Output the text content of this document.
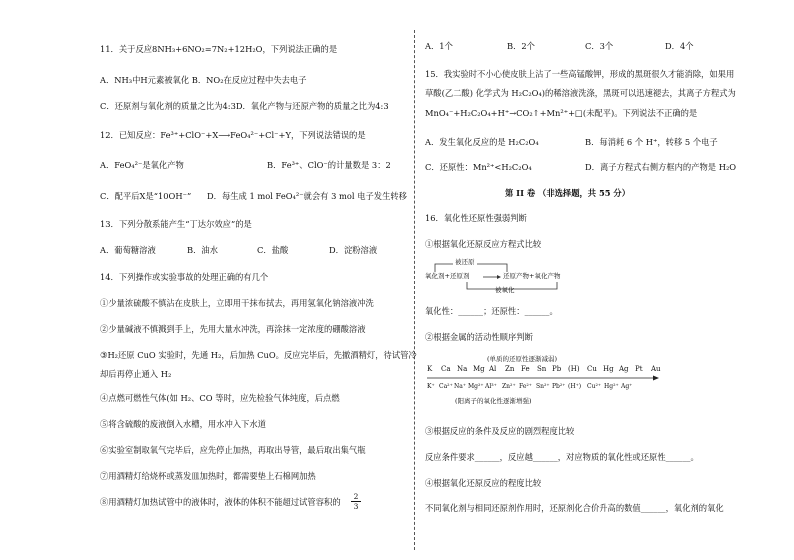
11．关于反应8NH₃+6NO₂=7N₂+12H₂O，下列说法正确的是
A．NH₃中H元素被氧化 B．NO₂在反应过程中失去电子
C．还原剂与氧化剂的质量之比为4:3D．氧化产物与还原产物的质量之比为4:3
12．已知反应：Fe³⁺+ClO⁻+X⟶FeO₄²⁻+Cl⁻+Y，下列说法错误的是
A．FeO₄²⁻是氧化产物	B．Fe³⁺、ClO⁻的计量数是 3：2
C．配平后X是“10OH⁻” D．每生成 1 mol FeO₄²⁻就会有 3 mol 电子发生转移
13．下列分散系能产生“丁达尔效应”的是
A．葡萄糖溶液	B．油水	C．盐酸	D．淀粉溶液
14．下列操作或实验事故的处理正确的有几个
①少量浓硫酸不慎沾在皮肤上，立即用干抹布拭去，再用氢氧化钠溶液冲洗
②少量碱液不慎溅到手上，先用大量水冲洗，再涂抹一定浓度的硼酸溶液
③H₂还原 CuO 实验时，先通 H₂，后加热 CuO。反应完毕后，先撤酒精灯，待试管冷
却后再停止通入 H₂
④点燃可燃性气体(如 H₂、CO 等时，应先检验气体纯度，后点燃
⑤将含硫酸的废液倒入水槽，用水冲入下水道
⑥实验室制取氧气完毕后，应先停止加热，再取出导管，最后取出集气瓶
⑦用酒精灯给烧杯或蒸发皿加热时，都需要垫上石棉网加热
⑧用酒精灯加热试管中的液体时，液体的体积不能超过试管容积的 $\frac{2}{3}$
A．1个	B．2个	C．3个	D．4个
15．我实验时不小心使皮肤上沾了一些高锰酸钾，形成的黑斑很久才能消除，如果用
草酸(乙二酸) 化学式为 H₂C₂O₄)的稀溶液洗涤，黑斑可以迅速褪去，其离子方程式为
MnO₄⁻+H₂C₂O₄+H⁺→CO₂↑+Mn²⁺+□(未配平)。下列说法不正确的是
A．发生氧化反应的是 H₂C₂O₄	B．每消耗 6 个 H⁺，转移 5 个电子
C．还原性：Mn²⁺<H₂C₂O₄	D．离子方程式右侧方框内的产物是 H₂O
第 II 卷 （非选择题，共 55 分）
16．氧化性还原性强弱判断
①根据氧化还原反应方程式比较
被还原
氧化剂+还原剂	还原产物+氧化产物
被氧化
氧化性：______；还原性：______。
②根据金属的活动性顺序判断
(单质的还原性逐渐减弱)
K Ca Na Mg Al Zn Fe Sn Pb (H) Cu Hg Ag Pt Au
K⁺ Ca²⁺ Na⁺ Mg²⁺ Al³⁺ Zn²⁺ Fe²⁺ Sn²⁺ Pb²⁺ (H⁺) Cu²⁺ Hg²⁺ Ag⁺
(阳离子的氧化性逐渐增强)
③根据反应的条件及反应的剧烈程度比较
反应条件要求______，反应越______，对应物质的氧化性或还原性______。
④根据氧化还原反应的程度比较
不同氧化剂与相同还原剂作用时，还原剂化合价升高的数值______，氧化剂的氧化
